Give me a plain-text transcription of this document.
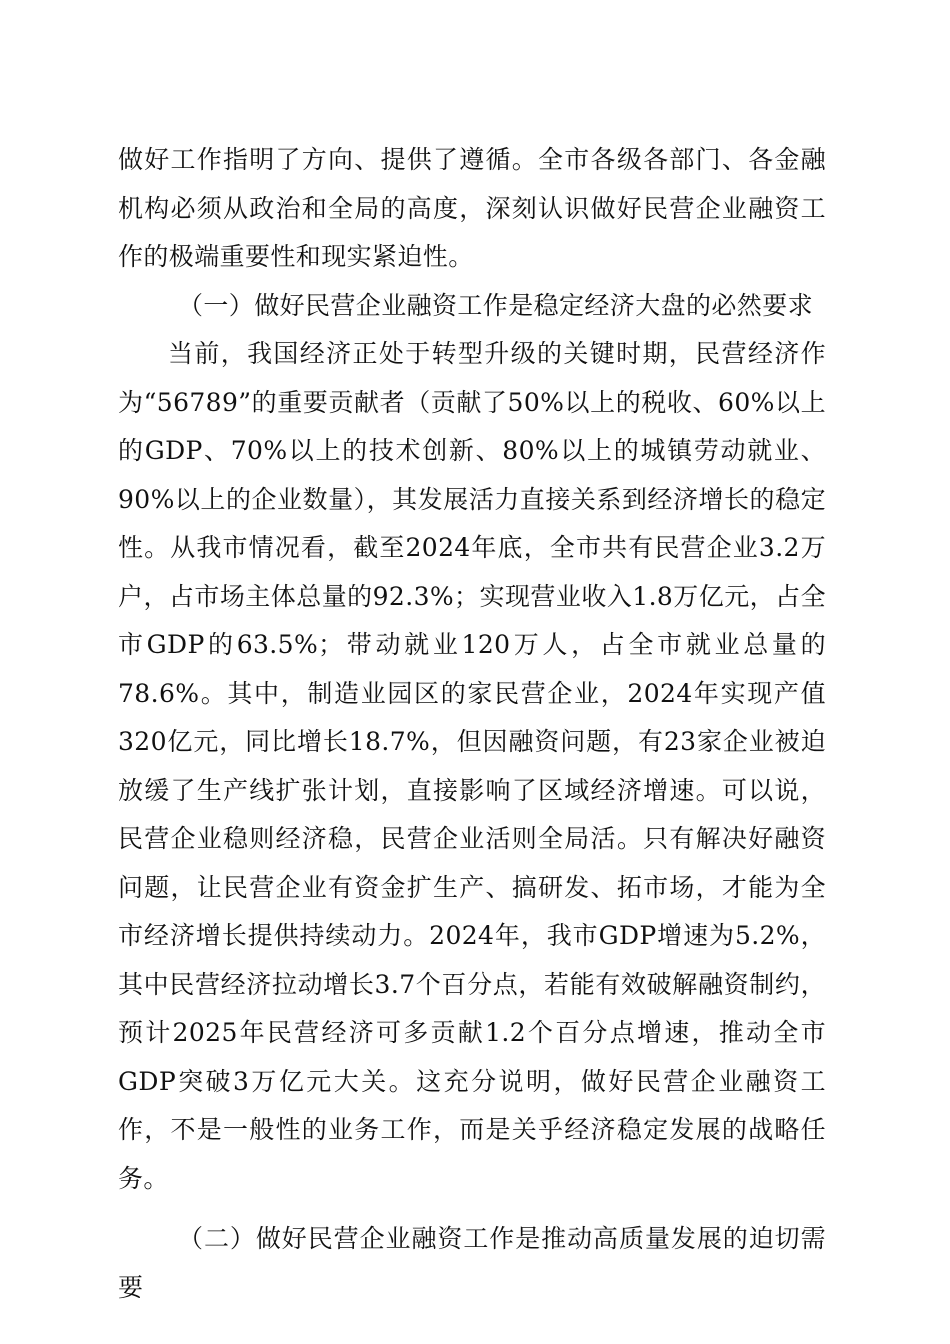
做好工作指明了方向、提供了遵循。全市各级各部门、各金融机构必须从政治和全局的高度，深刻认识做好民营企业融资工作的极端重要性和现实紧迫性。

（一）做好民营企业融资工作是稳定经济大盘的必然要求

当前，我国经济正处于转型升级的关键时期，民营经济作为“56789”的重要贡献者（贡献了50%以上的税收、60%以上的GDP、70%以上的技术创新、80%以上的城镇劳动就业、90%以上的企业数量），其发展活力直接关系到经济增长的稳定性。从我市情况看，截至2024年底，全市共有民营企业3.2万户，占市场主体总量的92.3%；实现营业收入1.8万亿元，占全市GDP的63.5%；带动就业120万人，占全市就业总量的78.6%。其中，制造业园区的家民营企业，2024年实现产值320亿元，同比增长18.7%，但因融资问题，有23家企业被迫放缓了生产线扩张计划，直接影响了区域经济增速。可以说，民营企业稳则经济稳，民营企业活则全局活。只有解决好融资问题，让民营企业有资金扩生产、搞研发、拓市场，才能为全市经济增长提供持续动力。2024年，我市GDP增速为5.2%，其中民营经济拉动增长3.7个百分点，若能有效破解融资制约，预计2025年民营经济可多贡献1.2个百分点增速，推动全市GDP突破3万亿元大关。这充分说明，做好民营企业融资工作，不是一般性的业务工作，而是关乎经济稳定发展的战略任务。

（二）做好民营企业融资工作是推动高质量发展的迫切需要
